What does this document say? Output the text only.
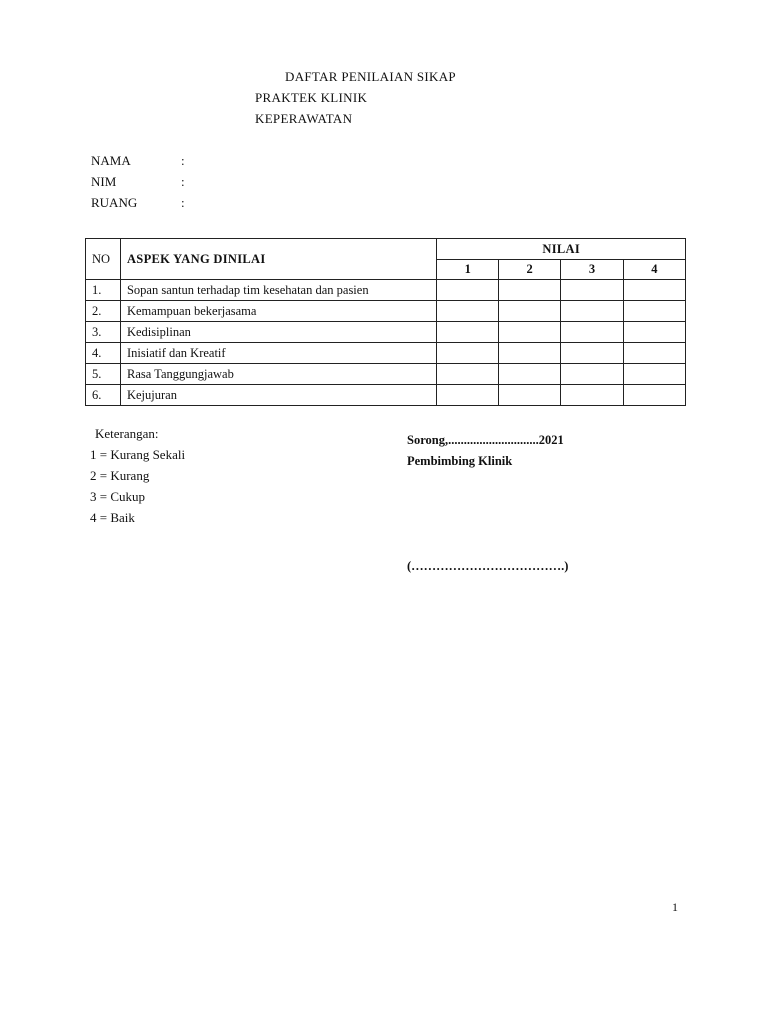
DAFTAR PENILAIAN SIKAP
PRAKTEK KLINIK
KEPERAWATAN
NAMA	:
NIM	:
RUANG	:
NO	ASPEK YANG DINILAI	NILAI			
		1	2	3	4
1.	Sopan santun terhadap tim kesehatan dan pasien				
2.	Kemampuan bekerjasama				
3.	Kedisiplinan				
4.	Inisiatif dan Kreatif				
5.	Rasa Tanggungjawab				
6.	Kejujuran				
Keterangan:
1 = Kurang Sekali
2 = Kurang
3 = Cukup
4 = Baik
Sorong,.............................2021
Pembimbing Klinik
(……………………………….)
1
